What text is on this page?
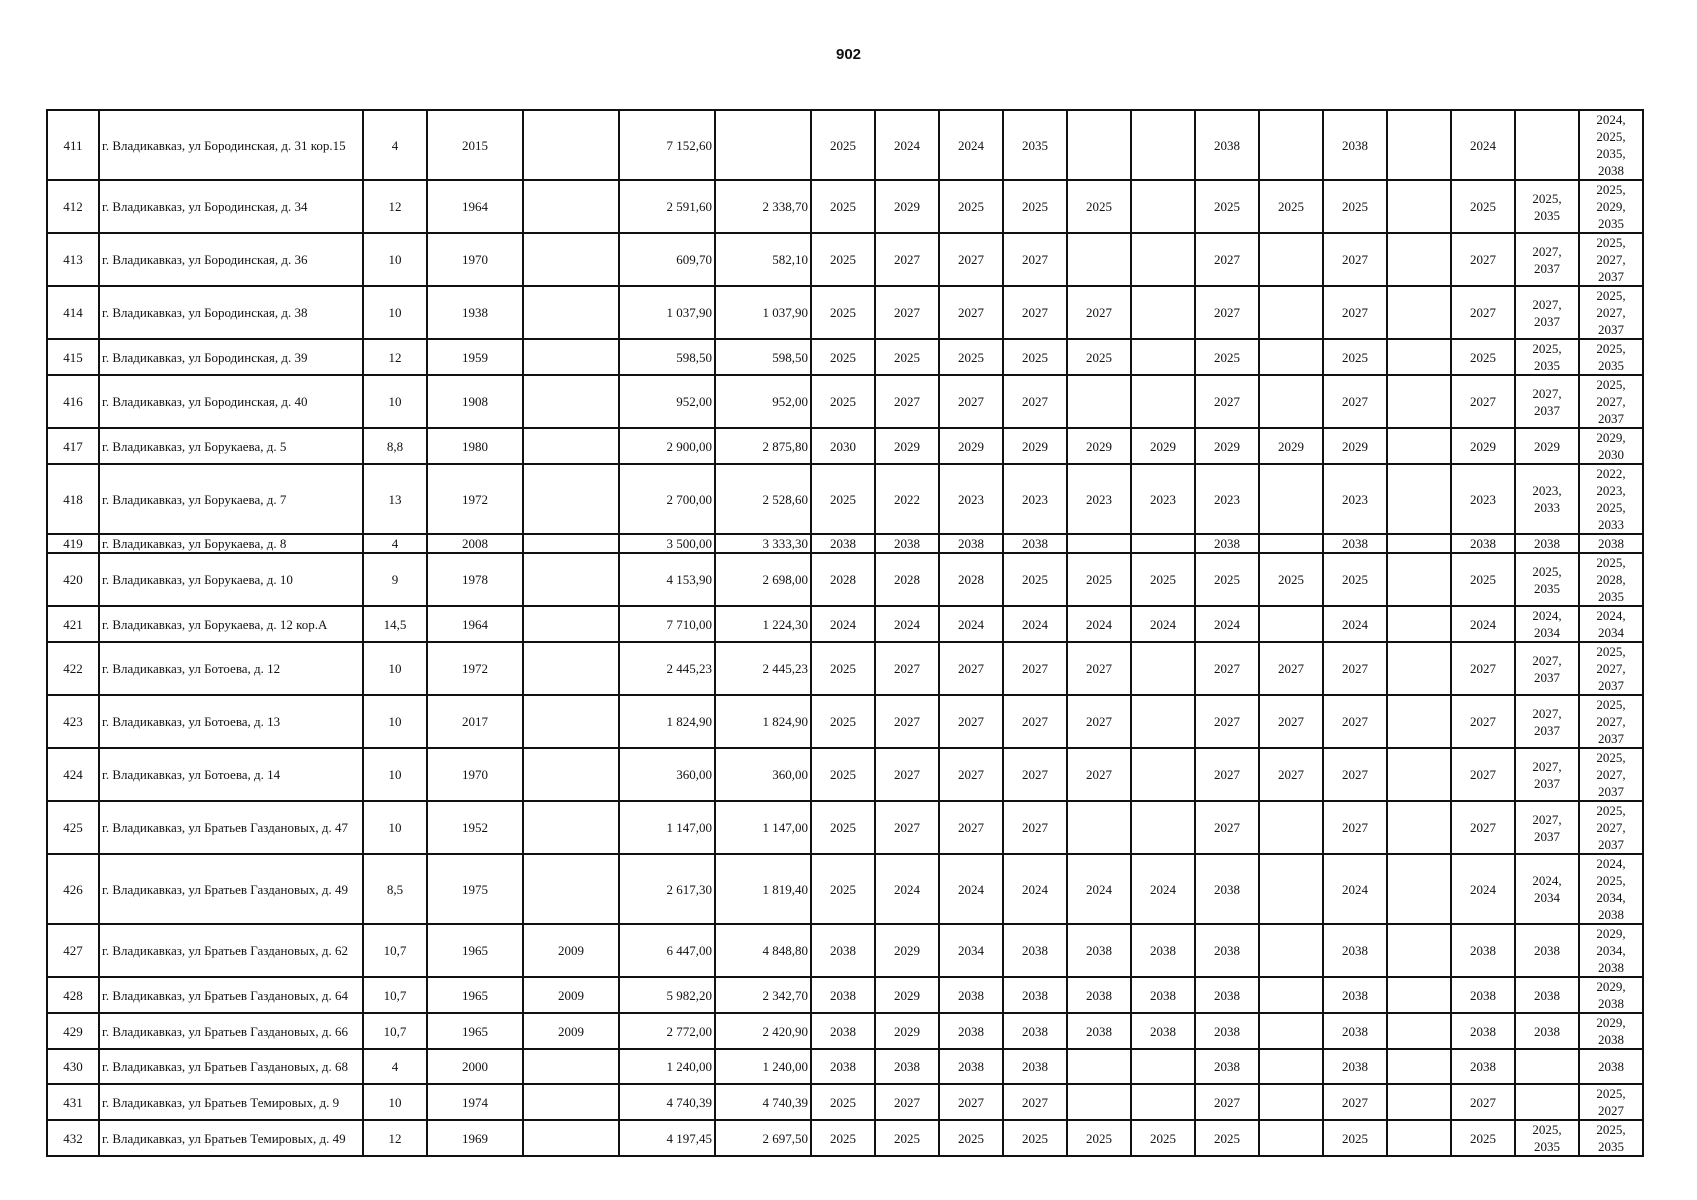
902
411	г. Владикавказ, ул Бородинская, д. 31 кор.15	4	2015		7 152,60		2025	2024	2024	2035			2038		2038		2024		2024, 2025, 2035, 2038
412	г. Владикавказ, ул Бородинская, д. 34	12	1964		2 591,60	2 338,70	2025	2029	2025	2025	2025		2025	2025	2025		2025	2025, 2035	2025, 2029, 2035
413	г. Владикавказ, ул Бородинская, д. 36	10	1970		609,70	582,10	2025	2027	2027	2027			2027		2027		2027	2027, 2037	2025, 2027, 2037
414	г. Владикавказ, ул Бородинская, д. 38	10	1938		1 037,90	1 037,90	2025	2027	2027	2027	2027		2027		2027		2027	2027, 2037	2025, 2027, 2037
415	г. Владикавказ, ул Бородинская, д. 39	12	1959		598,50	598,50	2025	2025	2025	2025	2025		2025		2025		2025	2025, 2035	2025, 2035
416	г. Владикавказ, ул Бородинская, д. 40	10	1908		952,00	952,00	2025	2027	2027	2027			2027		2027		2027	2027, 2037	2025, 2027, 2037
417	г. Владикавказ, ул Борукаева, д. 5	8,8	1980		2 900,00	2 875,80	2030	2029	2029	2029	2029	2029	2029	2029	2029		2029	2029	2029, 2030
418	г. Владикавказ, ул Борукаева, д. 7	13	1972		2 700,00	2 528,60	2025	2022	2023	2023	2023	2023	2023		2023		2023	2023, 2033	2022, 2023, 2025, 2033
419	г. Владикавказ, ул Борукаева, д. 8	4	2008		3 500,00	3 333,30	2038	2038	2038	2038			2038		2038		2038	2038	2038
420	г. Владикавказ, ул Борукаева, д. 10	9	1978		4 153,90	2 698,00	2028	2028	2028	2025	2025	2025	2025	2025	2025		2025	2025, 2035	2025, 2028, 2035
421	г. Владикавказ, ул Борукаева, д. 12 кор.А	14,5	1964		7 710,00	1 224,30	2024	2024	2024	2024	2024	2024	2024		2024		2024	2024, 2034	2024, 2034
422	г. Владикавказ, ул Ботоева, д. 12	10	1972		2 445,23	2 445,23	2025	2027	2027	2027	2027		2027	2027	2027		2027	2027, 2037	2025, 2027, 2037
423	г. Владикавказ, ул Ботоева, д. 13	10	2017		1 824,90	1 824,90	2025	2027	2027	2027	2027		2027	2027	2027		2027	2027, 2037	2025, 2027, 2037
424	г. Владикавказ, ул Ботоева, д. 14	10	1970		360,00	360,00	2025	2027	2027	2027	2027		2027	2027	2027		2027	2027, 2037	2025, 2027, 2037
425	г. Владикавказ, ул Братьев Газдановых, д. 47	10	1952		1 147,00	1 147,00	2025	2027	2027	2027			2027		2027		2027	2027, 2037	2025, 2027, 2037
426	г. Владикавказ, ул Братьев Газдановых, д. 49	8,5	1975		2 617,30	1 819,40	2025	2024	2024	2024	2024	2024	2038		2024		2024	2024, 2034	2024, 2025, 2034, 2038
427	г. Владикавказ, ул Братьев Газдановых, д. 62	10,7	1965	2009	6 447,00	4 848,80	2038	2029	2034	2038	2038	2038	2038		2038		2038	2038	2029, 2034, 2038
428	г. Владикавказ, ул Братьев Газдановых, д. 64	10,7	1965	2009	5 982,20	2 342,70	2038	2029	2038	2038	2038	2038	2038		2038		2038	2038	2029, 2038
429	г. Владикавказ, ул Братьев Газдановых, д. 66	10,7	1965	2009	2 772,00	2 420,90	2038	2029	2038	2038	2038	2038	2038		2038		2038	2038	2029, 2038
430	г. Владикавказ, ул Братьев Газдановых, д. 68	4	2000		1 240,00	1 240,00	2038	2038	2038	2038			2038		2038		2038		2038
431	г. Владикавказ, ул Братьев Темировых, д. 9	10	1974		4 740,39	4 740,39	2025	2027	2027	2027			2027		2027		2027		2025, 2027
432	г. Владикавказ, ул Братьев Темировых, д. 49	12	1969		4 197,45	2 697,50	2025	2025	2025	2025	2025	2025	2025		2025		2025	2025, 2035	2025, 2035
